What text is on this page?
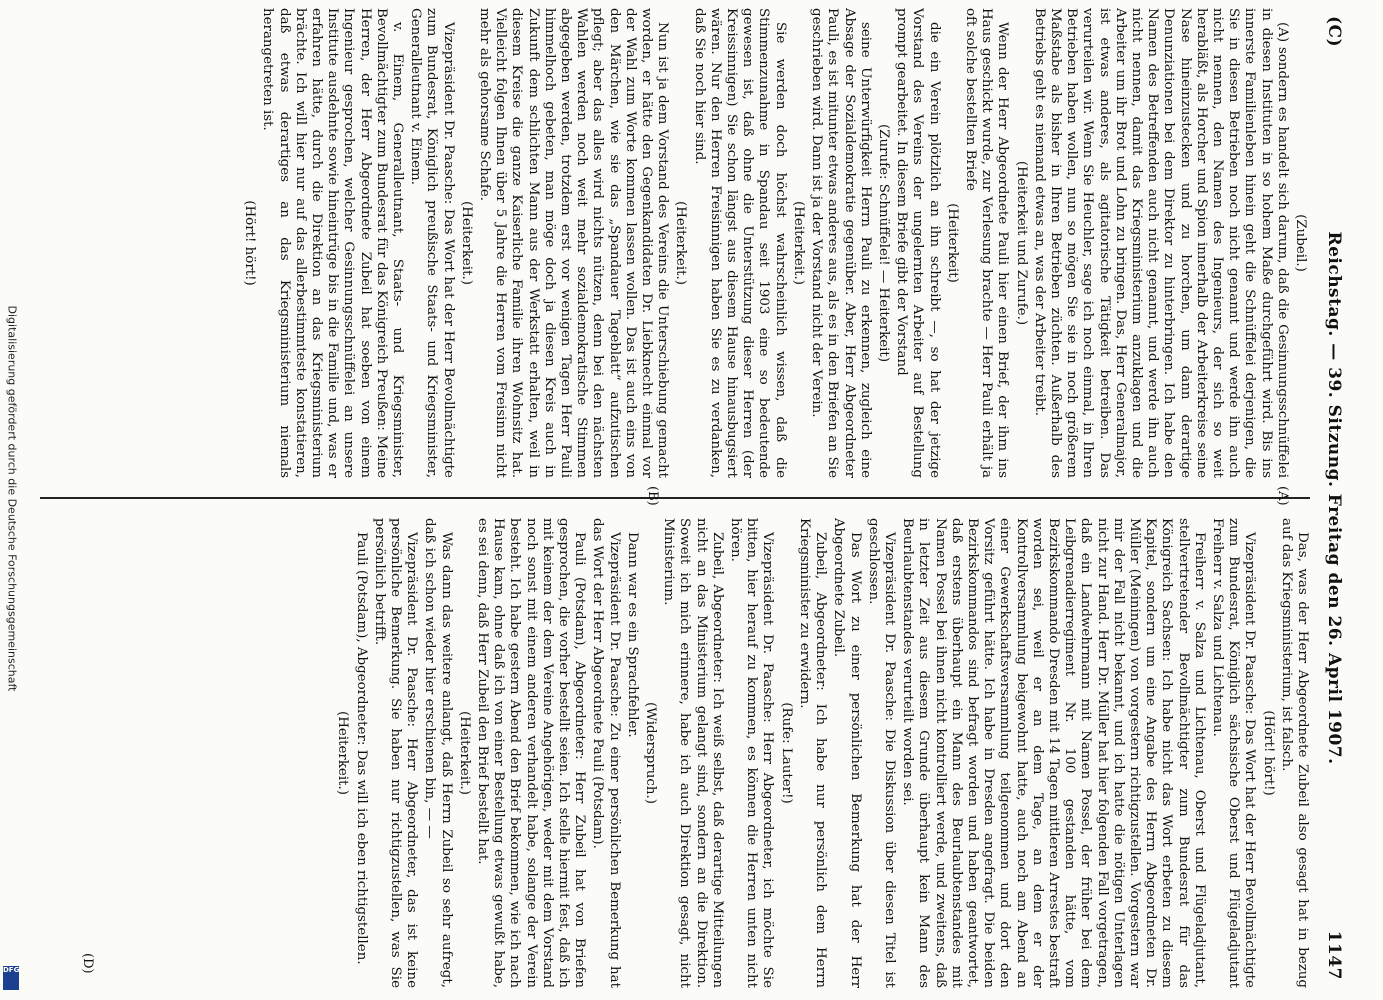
(C)
Reichstag. — 39. Sitzung. Freitag den 26. April 1907.
1147

(Zubeil.)

(A) sondern es handelt sich darum, daß die Gesinnungsschnüffelei in diesen Instituten in so hohem Maße durchgeführt wird. Bis ins innerste Familienleben hinein geht die Schnüffelei derjenigen, die Sie in diesen Betrieben noch nicht genannt und werde ihn auch nicht nennen, den Namen des Ingenieurs, der sich so weit herabläßt, als Horcher und Spion innerhalb der Arbeiterkreise seine Nase hineinzustecken und zu horchen, um dann derartige Denunziationen bei dem Direktor zu hinterbringen. Ich habe den Namen des Betreffenden auch nicht genannt, und werde ihn auch nicht nennen, damit das Kriegsministerium anzuklagen und die Arbeiter um ihr Brot und Lohn zu bringen. Das, Herr Generalmajor, ist etwas anderes, als agitatorische Tätigkeit betreiben. Das verurteilen wir. Wenn Sie Heuchler, sage ich noch einmal, in Ihren Betrieben haben wollen, nun so mögen Sie sie in noch größerem Maßstabe als bisher in Ihren Betrieben züchten. Außerhalb des Betriebs geht es niemand etwas an, was der Arbeiter treibt.

(Heiterkeit und Zurufe.)

Wenn der Herr Abgeordnete Pauli hier einen Brief, der ihm ins Haus geschickt wurde, zur Verlesung brachte — Herr Pauli erhält ja oft solche bestellten Briefe

(Heiterkeit)

die ein Verein plötzlich an ihn schreibt —, so hat der jetzige Vorstand des Vereins der ungelernten Arbeiter auf Bestellung prompt gearbeitet. In diesem Briefe gibt der Vorstand

(Zurufe: Schnüffelei! — Heiterkeit)

seine Unterwürfigkeit Herrn Pauli zu erkennen, zugleich eine Absage der Sozialdemokratie gegenüber. Aber, Herr Abgeordneter Pauli, es ist mitunter etwas anderes aus, als es in den Briefen an Sie geschrieben wird. Dann ist ja der Vorstand nicht der Verein.

(Heiterkeit.)

Sie werden doch höchst wahrscheinlich wissen, daß die Stimmenzunahme in Spandau seit 1903 eine so bedeutende gewesen ist, daß ohne die Unterstützung dieser Herren (der Kreissinnigen) Sie schon längst aus diesem Hause hinausbugsiert wären. Nur den Herren Freisinnigen haben Sie es zu verdanken, daß Sie noch hier sind.

(Heiterkeit.)

Nun ist ja dem Vorstand des Vereins die Unterschiebung gemacht worden, er hätte den Gegenkandidaten Dr. Liebknecht einmal vor der Wahl zum Worte kommen lassen wollen. Das ist auch eins von den Märchen, wie sie das „Spandauer Tageblatt“ aufzutischen pflegt; aber das alles wird nichts nützen, denn bei den nächsten Wahlen werden noch weit mehr sozialdemokratische Stimmen abgegeben werden, trotzdem erst vor wenigen Tagen Herr Pauli himmelhoch gebeten, man möge doch ja diesen Kreis auch in Zukunft dem schlichten Mann aus der Werkstatt erhalten, weil in diesem Kreise die ganze Kaiserliche Familie ihren Wohnsitz hat. Vielleicht folgen Ihnen über 5 Jahre die Herren vom Freisinn nicht mehr als gehorsame Schafe.

(Heiterkeit.)

Vizepräsident Dr. Paasche: Das Wort hat der Herr Bevollmächtigte zum Bundesrat, Königlich preußische Staats- und Kriegsminister, Generalleutnant v. Einem.

v. Einem, Generalleutnant, Staats- und Kriegsminister, Bevollmächtigter zum Bundesrat für das Königreich Preußen: Meine Herren, der Herr Abgeordnete Zubeil hat soeben von einem Ingenieur gesprochen, welcher Gesinnungsschnüffelei an unsere Institute ausdehnte sowie hineintrüge bis in die Familie und, was er erfahren hätte, durch die Direktion an das Kriegsministerium brächte. Ich will hier nur auf das allerbestimmteste konstatieren, daß etwas derartiges an das Kriegsministerium niemals herangetreten ist.

(Hört! hört!)

Das, was der Herr Abgeordnete Zubeil also gesagt hat in bezug auf das Kriegsministerium, ist falsch.

(Hört! hört!)

Vizepräsident Dr. Paasche: Das Wort hat der Herr Bevollmächtigte zum Bundesrat, Königlich sächsische Oberst und Flügeladjutant Freiherr v. Salza und Lichtenau.

Freiherr v. Salza und Lichtenau, Oberst und Flügeladjutant, stellvertretender Bevollmächtigter zum Bundesrat für das Königreich Sachsen: Ich habe nicht das Wort erbeten zu diesem Kapitel, sondern um eine Angabe des Herrn Abgeordneten Dr. Müller (Meiningen) von vorgestern richtigzustellen. Vorgestern war mir der Fall nicht bekannt, und ich hatte die nötigen Unterlagen nicht zur Hand. Herr Dr. Müller hat hier folgenden Fall vorgetragen, daß ein Landwehrmann mit Namen Possel, der früher bei dem Leibgrenadierregiment Nr. 100 gestanden hätte, vom Bezirkskommando Dresden mit 14 Tagen mittleren Arrestes bestraft worden sei, weil er an dem Tage, an dem er der Kontrollversammlung beigewohnt hatte, auch noch am Abend an einer Gewerkschaftsversammlung teilgenommen und dort den Vorsitz geführt hätte. Ich habe in Dresden angefragt. Die beiden Bezirkskommandos sind befragt worden und haben geantwortet, daß erstens überhaupt ein Mann des Beurlaubtenstandes mit Namen Possel bei ihnen nicht kontrolliert werde, und zweitens, daß in letzter Zeit aus diesem Grunde überhaupt kein Mann des Beurlaubtenstandes verurteilt worden sei.

Vizepräsident Dr. Paasche: Die Diskussion über diesen Titel ist geschlossen.

Das Wort zu einer persönlichen Bemerkung hat der Herr Abgeordnete Zubeil.

Zubeil, Abgeordneter: Ich habe nur persönlich dem Herrn Kriegsminister zu erwidern.

(Rufe: Lauter!)

Vizepräsident Dr. Paasche: Herr Abgeordneter, ich möchte Sie bitten, hier herauf zu kommen, es können die Herren unten nicht hören.

Zubeil, Abgeordneter: Ich weiß selbst, daß derartige Mitteilungen nicht an das Ministerium gelangt sind, sondern an die Direktion. Soweit ich mich erinnere, habe ich auch Direktion gesagt, nicht Ministerium.

(Widerspruch.)

Dann war es ein Sprachfehler.

Vizepräsident Dr. Paasche: Zu einer persönlichen Bemerkung hat das Wort der Herr Abgeordnete Pauli (Potsdam).

Pauli (Potsdam), Abgeordneter: Herr Zubeil hat von Briefen gesprochen, die vorher bestellt seien. Ich stelle hiermit fest, daß ich mit keinem der dem Vereine Angehörigen, weder mit dem Vorstand noch sonst mit einem anderen verhandelt habe, solange der Verein besteht. Ich habe gestern Abend den Brief bekommen, wie ich nach Hause kam, ohne daß ich von einer Bestellung etwas gewußt habe, es sei denn, daß Herr Zubeil den Brief bestellt hat.

(Heiterkeit.)

Was dann das weitere anlangt, daß Herrn Zubeil so sehr aufregt, daß ich schon wieder hier erschienen bin, — —

Vizepräsident Dr. Paasche: Herr Abgeordneter, das ist keine persönliche Bemerkung. Sie haben nur richtigzustellen, was Sie persönlich betrifft.

Pauli (Potsdam), Abgeordneter: Das will ich eben richtigstellen.

(Heiterkeit.)

(A)
(B)
(D)
Digitalisierung gefördert durch die Deutsche Forschungsgemeinschaft
DFG
